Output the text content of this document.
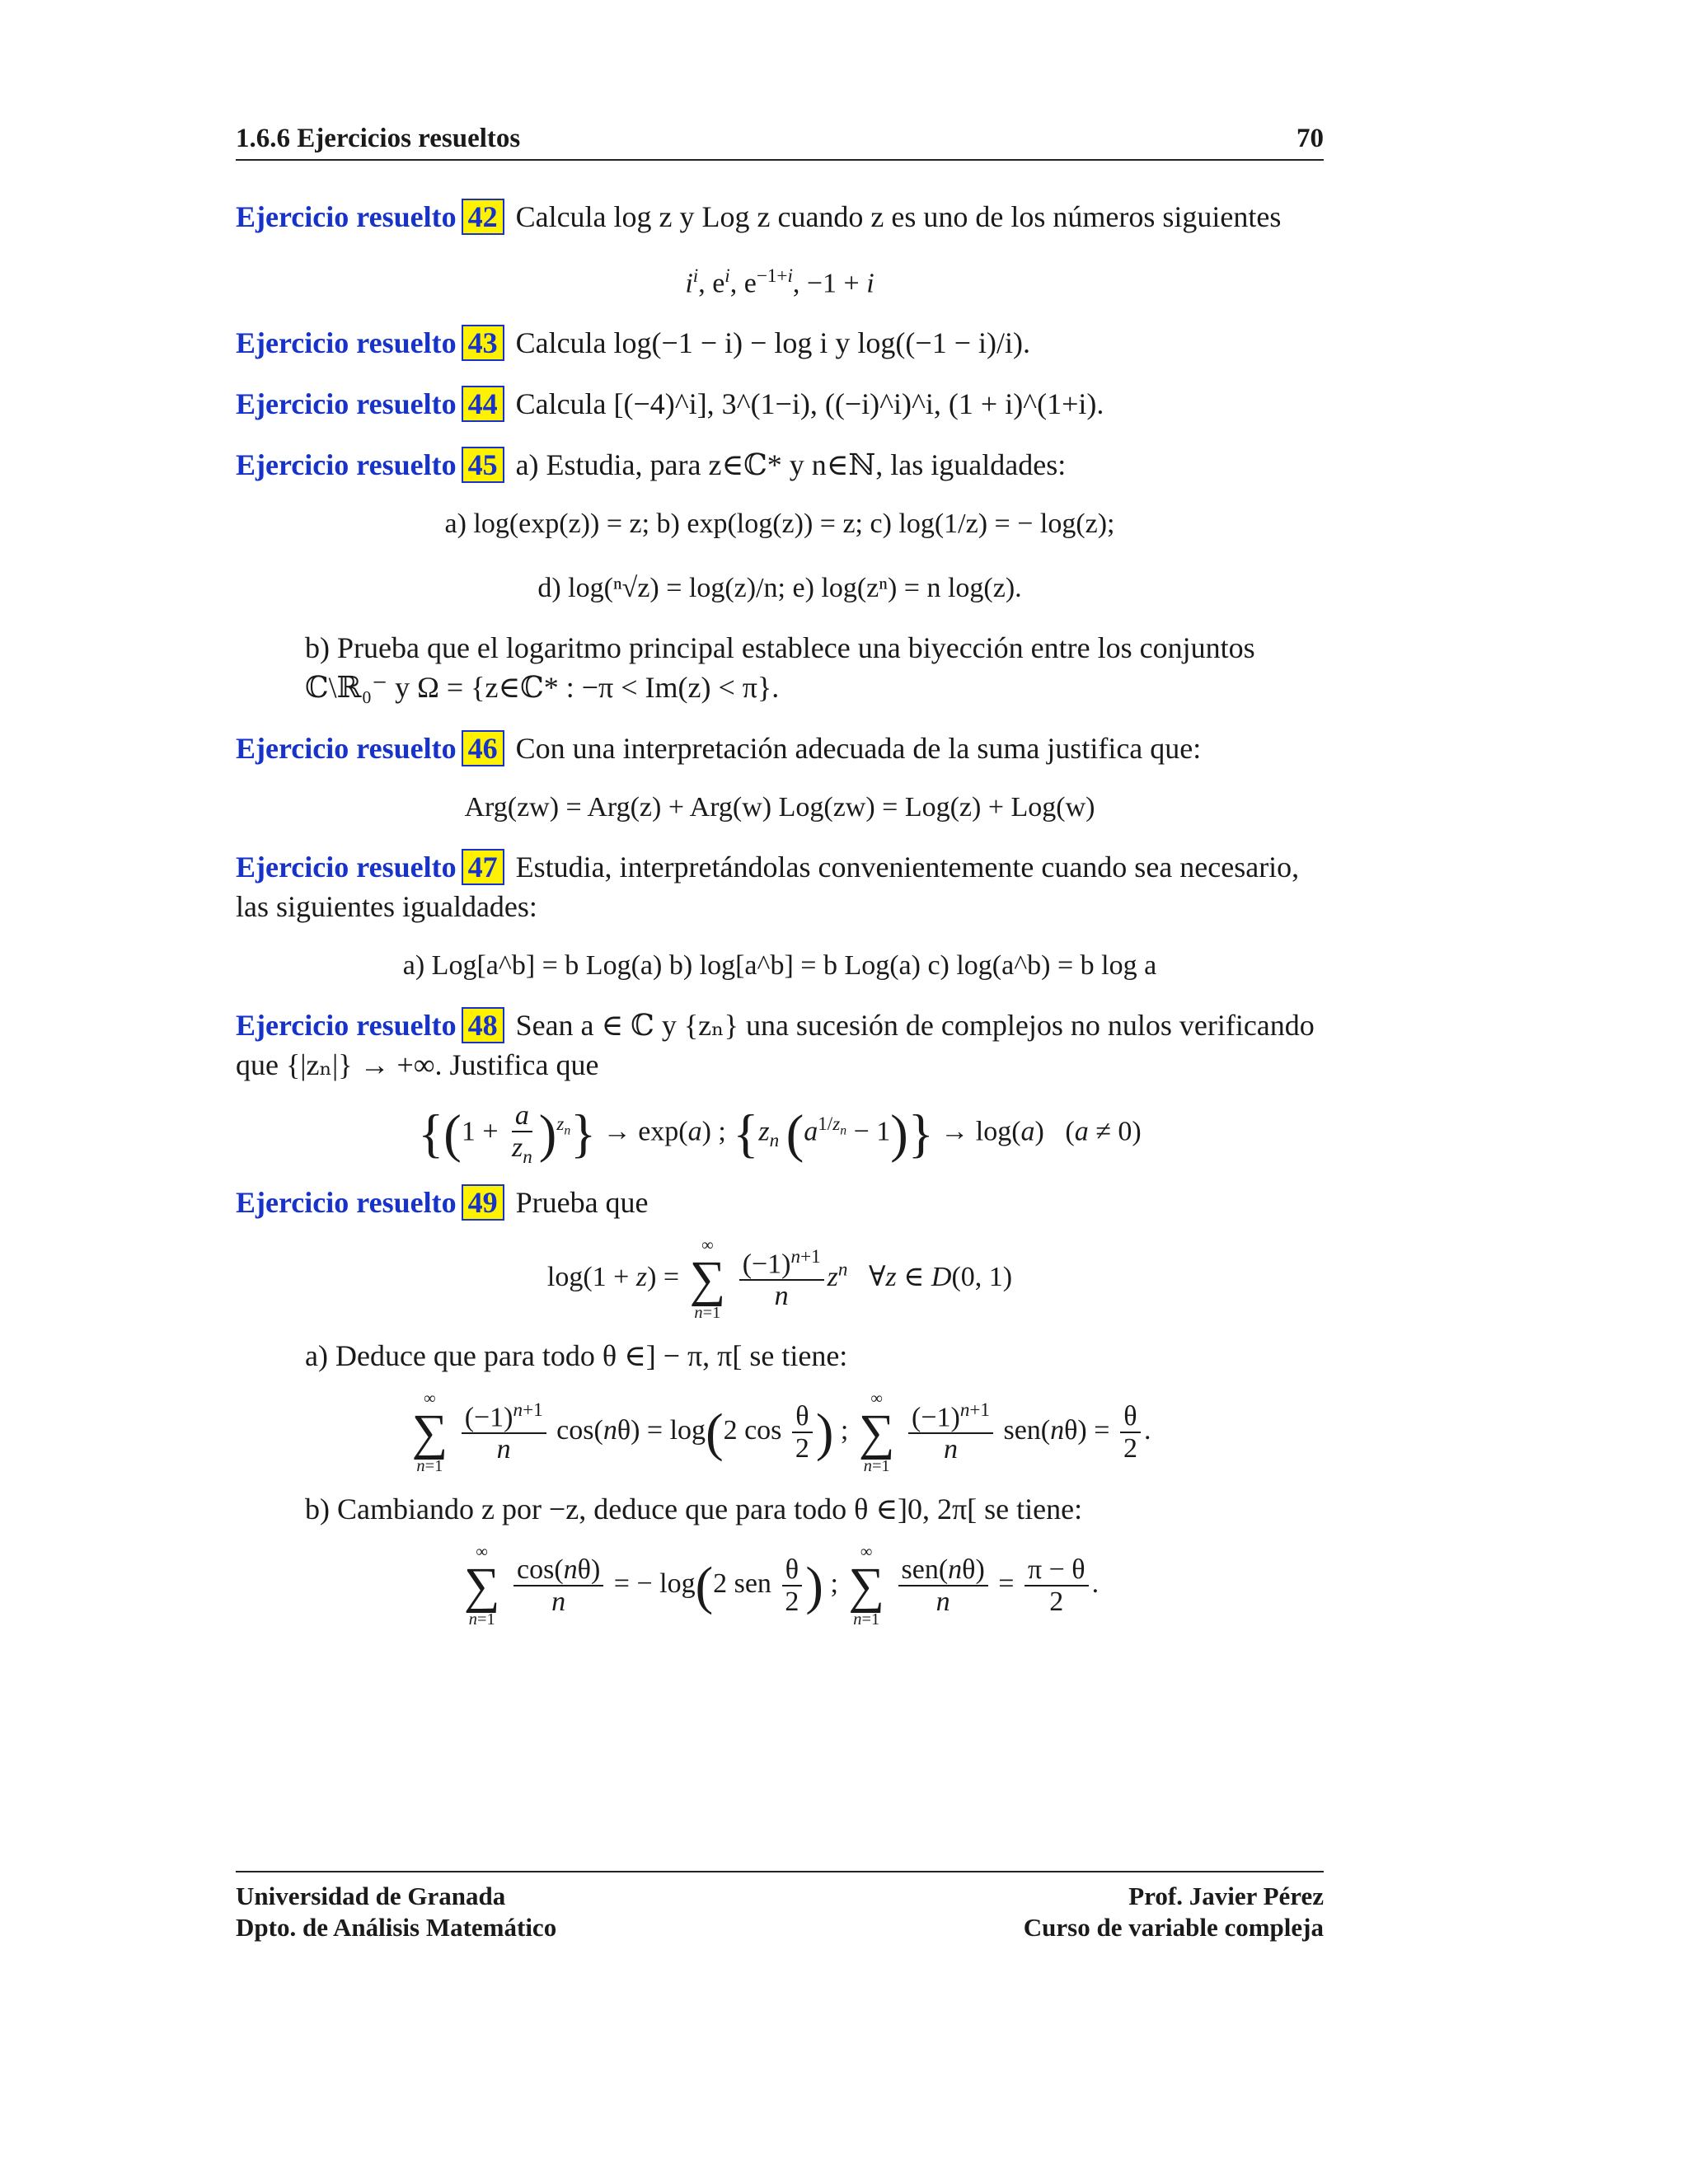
1.6.6 Ejercicios resueltos	70
Ejercicio resuelto 42 Calcula log z y Log z cuando z es uno de los números siguientes
$i^i$, $e^i$, $e^{-1+i}$, −1 + i
Ejercicio resuelto 43 Calcula log(−1 − i) − log i y log((−1 − i)/i).
Ejercicio resuelto 44 Calcula [(−4)^i], 3^(1−i), ((−i)^i)^i, (1 + i)^(1+i).
Ejercicio resuelto 45 a) Estudia, para z∈ℂ* y n∈ℕ, las igualdades:
a) log(exp(z)) = z; b) exp(log(z)) = z; c) log(1/z) = − log(z);
d) log(ⁿ√z) = log(z)/n; e) log(zⁿ) = n log(z).
b) Prueba que el logaritmo principal establece una biyección entre los conjuntos ℂ\ℝ₀⁻ y Ω = {z∈ℂ* : −π < Im(z) < π}.
Ejercicio resuelto 46 Con una interpretación adecuada de la suma justifica que:
Arg(zw) = Arg(z) + Arg(w) Log(zw) = Log(z) + Log(w)
Ejercicio resuelto 47 Estudia, interpretándolas convenientemente cuando sea necesario, las siguientes igualdades:
a) Log[a^b] = b Log(a) b) log[a^b] = b Log(a) c) log(a^b) = b log a
Ejercicio resuelto 48 Sean a ∈ ℂ y {zₙ} una sucesión de complejos no nulos verificando que {|zₙ|} → +∞. Justifica que
$\{(1 + \frac{a}{z_n} )^{z_n}\} \to \exp(a)$ ; {$z_n$ $(a^{1/z_n} - 1)\} \to \log(a) (a \ne 0)$
Ejercicio resuelto 49 Prueba que
log(1 + z) =
∞
∑
n=1

$\frac{(-1)^{n+1}}{n} z^n$   ∀z ∈ D(0, 1)
a) Deduce que para todo θ ∈] − π, π[ se tiene:
∞
∑
n=1

$\frac{(-1)^{n+1}}{n} \cos(n\theta) = \log(2$ $\cos \frac{\theta}{2}$ ) ;
∞
∑
n=1

$\frac{(-1)^{n+1}}{n} sen(n\theta) = \frac{\theta}{2}$ .
b) Cambiando z por −z, deduce que para todo θ ∈]0, 2π[ se tiene:
∞
∑
n=1

$\frac{\cos(n\theta)}{n}$ = − log(2 sen $\frac{\theta}{2}$ ) ;
∞
∑
n=1

$\frac{\text{sen(nθ)}}{n} = \frac{\pi - \theta}{2}$ .
Universidad de Granada
Dpto. de Análisis Matemático
Prof. Javier Pérez
Curso de variable compleja
